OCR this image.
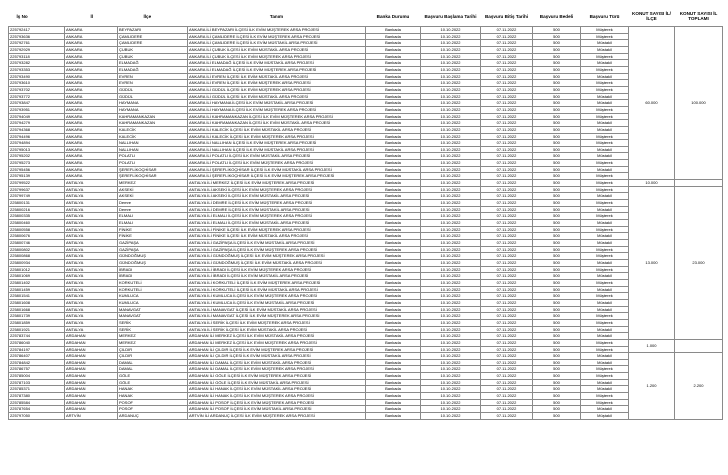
İş No	İl	İlçe	Tanım	Banka Durumu	Başvuru Başlama Tarihi	Başvuru Bitiş Tarihi	Başvuru Bedeli	Başvuru Türü	KONUT SAYISI İL/İLÇE	KONUT SAYISI İL TOPLAMI
225792417	ANKARA	BEYPAZARI	ANKARA İLİ BEYPAZARI İLÇESİ İLK EVİM MÜŞTEREK ARSA PROJESİ	Bankada	10.10.2022	07.11.2022	500	Müşterek	60.000	100.000
225793636	ANKARA	ÇAMLIDERE	ANKARA İLİ ÇAMLIDERE İLÇESİ İLK EVİM MÜŞTEREK ARSA PROJESİ	Bankada	10.10.2022	07.11.2022	500	Müşterek		
225792761	ANKARA	ÇAMLIDERE	ANKARA İLİ ÇAMLIDERE İLÇESİ İLK EVİM MÜSTAKİL ARSA PROJESİ	Bankada	10.10.2022	07.11.2022	500	Müstakil		
225792929	ANKARA	ÇUBUK	ANKARA İLİ ÇUBUK İLÇESİ İLK EVİM MÜSTAKİL ARSA PROJESİ	Bankada	10.10.2022	07.11.2022	500	Müstakil		
225793118	ANKARA	ÇUBUK	ANKARA İLİ ÇUBUK İLÇESİ İLK EVİM MÜŞTEREK ARSA PROJESİ	Bankada	10.10.2022	07.11.2022	500	Müşterek		
225793282	ANKARA	ELMADAĞ	ANKARA İLİ ELMADAĞ İLÇESİ İLK EVİM MÜSTAKİL ARSA PROJESİ	Bankada	10.10.2022	07.11.2022	500	Müstakil		
225793353	ANKARA	ELMADAĞ	ANKARA İLİ ELMADAĞ İLÇESİ İLK EVİM MÜŞTEREK ARSA PROJESİ	Bankada	10.10.2022	07.11.2022	500	Müşterek		
225793490	ANKARA	EVREN	ANKARA İLİ EVREN İLÇESİ İLK EVİM MÜSTAKİL ARSA PROJESİ	Bankada	10.10.2022	07.11.2022	500	Müstakil		
225793610	ANKARA	EVREN	ANKARA İLİ EVREN İLÇESİ İLK EVİM MÜŞTEREK ARSA PROJESİ	Bankada	10.10.2022	07.11.2022	500	Müşterek		
225793702	ANKARA	GÜDÜL	ANKARA İLİ GÜDÜL İLÇESİ İLK EVİM MÜŞTEREK ARSA PROJESİ	Bankada	10.10.2022	07.11.2022	500	Müşterek		
225793772	ANKARA	GÜDÜL	ANKARA İLİ GÜDÜL İLÇESİ İLK EVİM MÜSTAKİL ARSA PROJESİ	Bankada	10.10.2022	07.11.2022	500	Müstakil		
225793847	ANKARA	HAYMANA	ANKARA İLİ HAYMANA İLÇESİ İLK EVİM MÜSTAKİL ARSA PROJESİ	Bankada	10.10.2022	07.11.2022	500	Müstakil		
225793951	ANKARA	HAYMANA	ANKARA İLİ HAYMANA İLÇESİ İLK EVİM MÜŞTEREK ARSA PROJESİ	Bankada	10.10.2022	07.11.2022	500	Müşterek		
225794049	ANKARA	KAHRAMANKAZAN	ANKARA İLİ KAHRAMANKAZAN İLÇESİ İLK EVİM MÜŞTEREK ARSA PROJESİ	Bankada	10.10.2022	07.11.2022	500	Müşterek		
225794279	ANKARA	KAHRAMANKAZAN	ANKARA İLİ KAHRAMANKAZAN İLÇESİ İLK EVİM MÜSTAKİL ARSA PROJESİ	Bankada	10.10.2022	07.11.2022	500	Müstakil		
225794368	ANKARA	KALECİK	ANKARA İLİ KALECİK İLÇESİ İLK EVİM MÜSTAKİL ARSA PROJESİ	Bankada	10.10.2022	07.11.2022	500	Müstakil		
225794496	ANKARA	KALECİK	ANKARA İLİ KALECİK İLÇESİ İLK EVİM MÜŞTEREK ARSA PROJESİ	Bankada	10.10.2022	07.11.2022	500	Müşterek		
225794894	ANKARA	NALLIHAN	ANKARA İLİ NALLIHAN İLÇESİ İLK EVİM MÜŞTEREK ARSA PROJESİ	Bankada	10.10.2022	07.11.2022	500	Müşterek		
225795013	ANKARA	NALLIHAN	ANKARA İLİ NALLIHAN İLÇESİ İLK EVİM MÜSTAKİL ARSA PROJESİ	Bankada	10.10.2022	07.11.2022	500	Müstakil		
225795202	ANKARA	POLATLI	ANKARA İLİ POLATLI İLÇESİ İLK EVİM MÜSTAKİL ARSA PROJESİ	Bankada	10.10.2022	07.11.2022	500	Müstakil		
225795273	ANKARA	POLATLI	ANKARA İLİ POLATLI İLÇESİ İLK EVİM MÜŞTEREK ARSA PROJESİ	Bankada	10.10.2022	07.11.2022	500	Müşterek		
225795456	ANKARA	ŞEREFLİKOÇHİSAR	ANKARA İLİ ŞEREFLİKOÇHİSAR İLÇESİ İLK EVİM MÜSTAKİL ARSA PROJESİ	Bankada	10.10.2022	07.11.2022	500	Müstakil		
225795139	ANKARA	ŞEREFLİKOÇHİSAR	ANKARA İLİ ŞEREFLİKOÇHİSAR İLÇESİ İLK EVİM MÜŞTEREK ARSA PROJESİ	Bankada	10.10.2022	07.11.2022	500	Müşterek		
225799522	ANTALYA	MERKEZ	ANTALYA İLİ MERKEZ İLÇESİ İLK EVİM MÜŞTEREK ARSA PROJESİ	Bankada	10.10.2022	07.11.2022	500	Müşterek	10.000	
225799637	ANTALYA	AKSEKİ	ANTALYA İLİ AKSEKİ İLÇESİ İLK EVİM MÜŞTEREK ARSA PROJESİ	Bankada	10.10.2022	07.11.2022	500	Müşterek	13.000	23.000
225799749	ANTALYA	AKSEKİ	ANTALYA İLİ AKSEKİ İLÇESİ İLK EVİM MÜSTAKİL ARSA PROJESİ	Bankada	10.10.2022	07.11.2022	500	Müstakil		
225800131	ANTALYA	Demre	ANTALYA İLİ DEMRE İLÇESİ İLK EVİM MÜŞTEREK ARSA PROJESİ	Bankada	10.10.2022	07.11.2022	500	Müşterek		
225800216	ANTALYA	Demre	ANTALYA İLİ DEMRE İLÇESİ İLK EVİM MÜSTAKİL ARSA PROJESİ	Bankada	10.10.2022	07.11.2022	500	Müstakil		
225800335	ANTALYA	ELMALI	ANTALYA İLİ ELMALI İLÇESİ İLK EVİM MÜŞTEREK ARSA PROJESİ	Bankada	10.10.2022	07.11.2022	500	Müşterek		
225800460	ANTALYA	ELMALI	ANTALYA İLİ ELMALI İLÇESİ İLK EVİM MÜSTAKİL ARSA PROJESİ	Bankada	10.10.2022	07.11.2022	500	Müstakil		
225800558	ANTALYA	FİNİKE	ANTALYA İLİ FİNİKE İLÇESİ İLK EVİM MÜŞTEREK ARSA PROJESİ	Bankada	10.10.2022	07.11.2022	500	Müşterek		
225800676	ANTALYA	FİNİKE	ANTALYA İLİ FİNİKE İLÇESİ İLK EVİM MÜSTAKİL ARSA PROJESİ	Bankada	10.10.2022	07.11.2022	500	Müstakil		
225800746	ANTALYA	GAZİPAŞA	ANTALYA İLİ GAZİPAŞA İLÇESİ İLK EVİM MÜSTAKİL ARSA PROJESİ	Bankada	10.10.2022	07.11.2022	500	Müstakil		
225800802	ANTALYA	GAZİPAŞA	ANTALYA İLİ GAZİPAŞA İLÇESİ İLK EVİM MÜŞTEREK ARSA PROJESİ	Bankada	10.10.2022	07.11.2022	500	Müşterek		
225800868	ANTALYA	GÜNDOĞMUŞ	ANTALYA İLİ GÜNDOĞMUŞ İLÇESİ İLK EVİM MÜŞTEREK ARSA PROJESİ	Bankada	10.10.2022	07.11.2022	500	Müşterek		
225800934	ANTALYA	GÜNDOĞMUŞ	ANTALYA İLİ GÜNDOĞMUŞ İLÇESİ İLK EVİM MÜSTAKİL ARSA PROJESİ	Bankada	10.10.2022	07.11.2022	500	Müstakil		
225801012	ANTALYA	İBRADI	ANTALYA İLİ İBRADI İLÇESİ İLK EVİM MÜŞTEREK ARSA PROJESİ	Bankada	10.10.2022	07.11.2022	500	Müşterek		
225801069	ANTALYA	İBRADI	ANTALYA İLİ İBRADI İLÇESİ İLK EVİM MÜSTAKİL ARSA PROJESİ	Bankada	10.10.2022	07.11.2022	500	Müstakil		
225801402	ANTALYA	KORKUTELİ	ANTALYA İLİ KORKUTELİ İLÇESİ İLK EVİM MÜŞTEREK ARSA PROJESİ	Bankada	10.10.2022	07.11.2022	500	Müşterek		
225801459	ANTALYA	KORKUTELİ	ANTALYA İLİ KORKUTELİ İLÇESİ İLK EVİM MÜSTAKİL ARSA PROJESİ	Bankada	10.10.2022	07.11.2022	500	Müstakil		
225801541	ANTALYA	KUMLUCA	ANTALYA İLİ KUMLUCA İLÇESİ İLK EVİM MÜŞTEREK ARSA PROJESİ	Bankada	10.10.2022	07.11.2022	500	Müşterek		
225801608	ANTALYA	KUMLUCA	ANTALYA İLİ KUMLUCA İLÇESİ İLK EVİM MÜSTAKİL ARSA PROJESİ	Bankada	10.10.2022	07.11.2022	500	Müstakil		
225801668	ANTALYA	MANAVGAT	ANTALYA İLİ MANAVGAT İLÇESİ İLK EVİM MÜSTAKİL ARSA PROJESİ	Bankada	10.10.2022	07.11.2022	500	Müstakil		
225801739	ANTALYA	MANAVGAT	ANTALYA İLİ MANAVGAT İLÇESİ İLK EVİM MÜŞTEREK ARSA PROJESİ	Bankada	10.10.2022	07.11.2022	500	Müşterek		
225801859	ANTALYA	SERİK	ANTALYA İLİ SERİK İLÇESİ İLK EVİM MÜŞTEREK ARSA PROJESİ	Bankada	10.10.2022	07.11.2022	500	Müşterek		
225801921	ANTALYA	SERİK	ANTALYA İLİ SERİK İLÇESİ İLK EVİM MÜSTAKİL ARSA PROJESİ	Bankada	10.10.2022	07.11.2022	500	Müstakil		
225783744	ARDAHAN	MERKEZ	ARDAHAN İLİ MERKEZ İLÇESİ İLK EVİM MÜSTAKİL ARSA PROJESİ	Bankada	10.10.2022	07.11.2022	500	Müstakil		
225786040	ARDAHAN	MERKEZ	ARDAHAN İLİ MERKEZ İLÇESİ İLK EVİM MÜŞTEREK ARSA PROJESİ	Bankada	10.10.2022	07.11.2022	500	Müşterek	1.000	
225784197	ARDAHAN	ÇILDIR	ARDAHAN İLİ ÇILDIR İLÇESİ İLK EVİM MÜŞTEREK ARSA PROJESİ	Bankada	10.10.2022	07.11.2022	500	Müşterek		
225786407	ARDAHAN	ÇILDIR	ARDAHAN İLİ ÇILDIR İLÇESİ İLK EVİM MÜSTAKİL ARSA PROJESİ	Bankada	10.10.2022	07.11.2022	500	Müstakil	1.200	2.200
225784842	ARDAHAN	DAMAL	ARDAHAN İLİ DAMAL İLÇESİ İLK EVİM MÜSTAKİL ARSA PROJESİ	Bankada	10.10.2022	07.11.2022	500	Müstakil		
225786757	ARDAHAN	DAMAL	ARDAHAN İLİ DAMAL İLÇESİ İLK EVİM MÜŞTEREK ARSA PROJESİ	Bankada	10.10.2022	07.11.2022	500	Müşterek		
225785004	ARDAHAN	GÖLE	ARDAHAN İLİ GÖLE İLÇESİ İLK EVİM MÜŞTEREK ARSA PROJESİ	Bankada	10.10.2022	07.11.2022	500	Müşterek		
225787103	ARDAHAN	GÖLE	ARDAHAN İLİ GÖLE İLÇESİ İLK EVİM MÜSTAKİL ARSA PROJESİ	Bankada	10.10.2022	07.11.2022	500	Müstakil		
225785371	ARDAHAN	HANAK	ARDAHAN İLİ HANAK İLÇESİ İLK EVİM MÜSTAKİL ARSA PROJESİ	Bankada	10.10.2022	07.11.2022	500	Müstakil		
225787380	ARDAHAN	HANAK	ARDAHAN İLİ HANAK İLÇESİ İLK EVİM MÜŞTEREK ARSA PROJESİ	Bankada	10.10.2022	07.11.2022	500	Müşterek		
225785584	ARDAHAN	POSOF	ARDAHAN İLİ POSOF İLÇESİ İLK EVİM MÜŞTEREK ARSA PROJESİ	Bankada	10.10.2022	07.11.2022	500	Müşterek		
225787654	ARDAHAN	POSOF	ARDAHAN İLİ POSOF İLÇESİ İLK EVİM MÜSTAKİL ARSA PROJESİ	Bankada	10.10.2022	07.11.2022	500	Müstakil		
225797050	ARTVİN	ARDANUÇ	ARTVİN İLİ ARDANUÇ İLÇESİ İLK EVİM MÜŞTEREK ARSA PROJESİ	Bankada	10.10.2022	07.11.2022	500	Müştakil		
